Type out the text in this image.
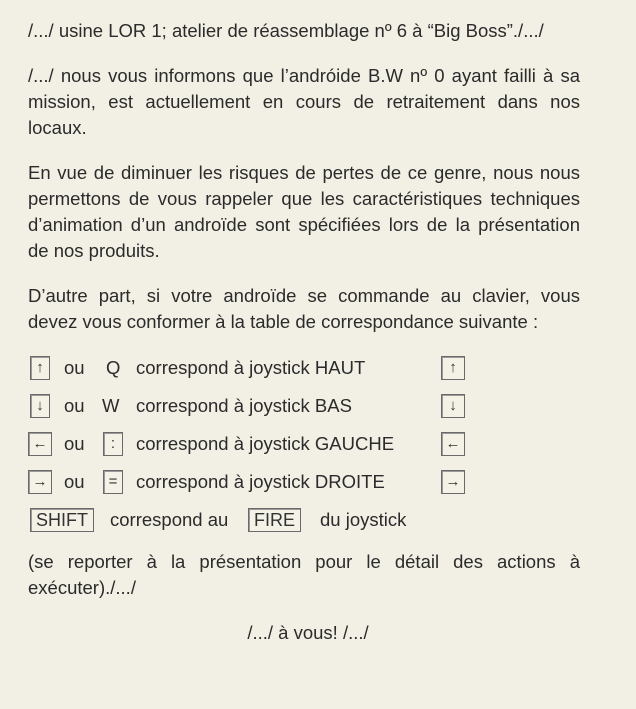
/.../ usine LOR 1; atelier de réassemblage nº 6 à “Big Boss”./.../

/.../ nous vous informons que l’andróide B.W nº 0 ayant failli à sa mission, est actuellement en cours de retraitement dans nos locaux.

En vue de diminuer les risques de pertes de ce genre, nous nous permettons de vous rappeler que les caractéristiques techniques d’animation d’un androïde sont spécifiées lors de la présentation de nos produits.

D’autre part, si votre androïde se commande au clavier, vous devez vous conformer à la table de correspondance suivante :

↑	ou Q correspond à joystick HAUT	↑
↓	ou W correspond à joystick BAS	↓
← ou	:	correspond à joystick GAUCHE	←
→ ou	=	correspond à joystick DROITE	→
SHIFT	correspond au	FIRE	du joystick

(se reporter à la présentation pour le détail des actions à exécuter)./.../

/.../ à vous! /.../
